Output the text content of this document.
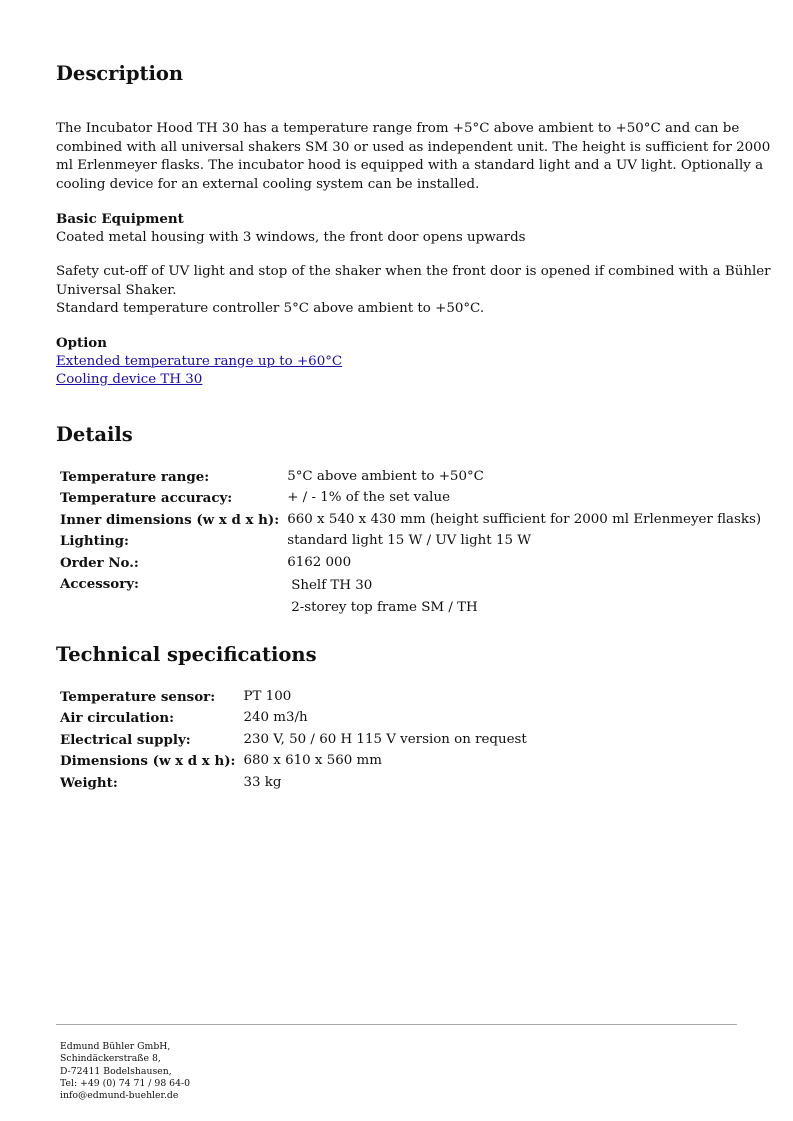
Description
The Incubator Hood TH 30 has a temperature range from +5°C above ambient to +50°C and can be
combined with all universal shakers SM 30 or used as independent unit. The height is sufficient for 2000
ml Erlenmeyer flasks. The incubator hood is equipped with a standard light and a UV light. Optionally a
cooling device for an external cooling system can be installed.
Basic Equipment
Coated metal housing with 3 windows, the front door opens upwards
Safety cut-off of UV light and stop of the shaker when the front door is opened if combined with a Bühler
Universal Shaker.
Standard temperature controller 5°C above ambient to +50°C.
Option
Extended temperature range up to +60°C
Cooling device TH 30
Details
Temperature range:	5°C above ambient to +50°C
Temperature accuracy:	+ / - 1% of the set value
Inner dimensions (w x d x h):	660 x 540 x 430 mm (height sufficient for 2000 ml Erlenmeyer flasks)
Lighting:	standard light 15 W / UV light 15 W
Order No.:	6162 000
Accessory:	Shelf TH 30
2-storey top frame SM / TH
Technical specifications
Temperature sensor:	PT 100
Air circulation:	240 m3/h
Electrical supply:	230 V, 50 / 60 H 115 V version on request
Dimensions (w x d x h):	680 x 610 x 560 mm
Weight:	33 kg
Edmund Bühler GmbH,
Schindäckerstraße 8,
D-72411 Bodelshausen,
Tel: +49 (0) 74 71 / 98 64-0
info@edmund-buehler.de
